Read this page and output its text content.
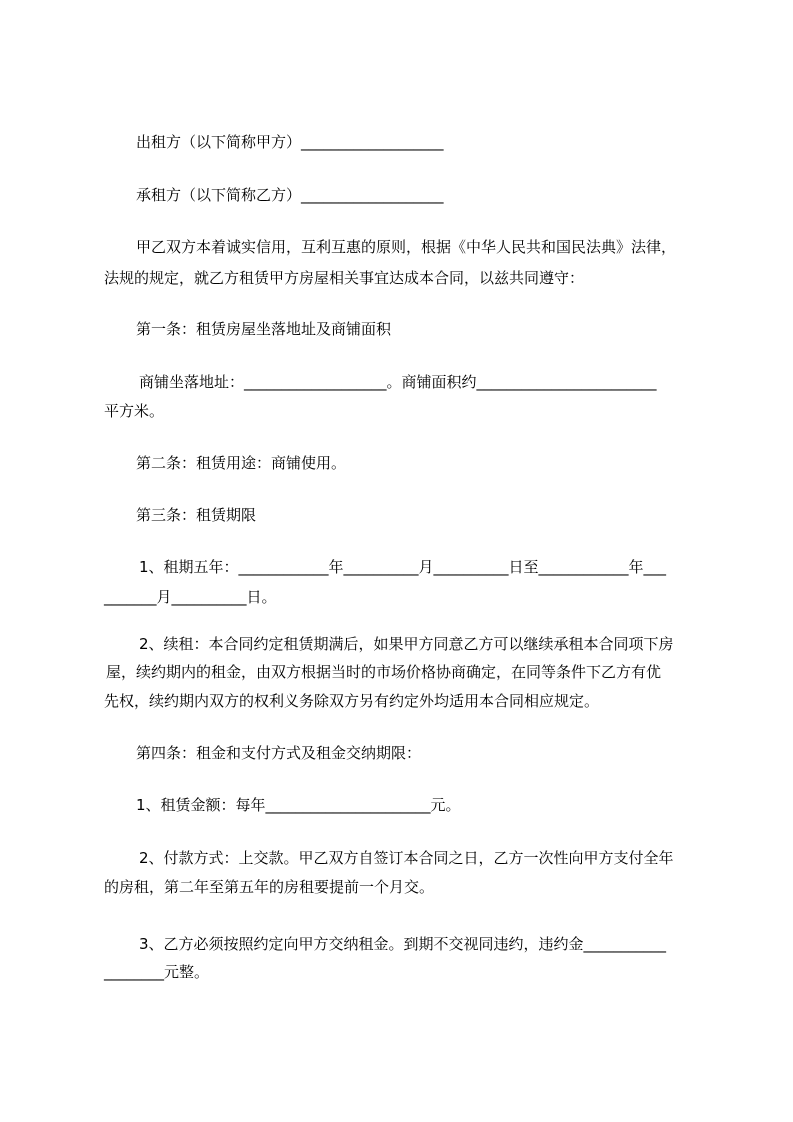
出租方（以下简称甲方）___________________
承租方（以下简称乙方）___________________
甲乙双方本着诚实信用，互利互惠的原则，根据《中华人民共和国民法典》法律，
法规的规定，就乙方租赁甲方房屋相关事宜达成本合同，以兹共同遵守：
第一条：租赁房屋坐落地址及商铺面积
商铺坐落地址：___________________。商铺面积约________________________
平方米。
第二条：租赁用途：商铺使用。
第三条：租赁期限
1、租期五年：____________年__________月__________日至____________年___
_______月__________日。
2、续租：本合同约定租赁期满后，如果甲方同意乙方可以继续承租本合同项下房
屋，续约期内的租金，由双方根据当时的市场价格协商确定，在同等条件下乙方有优
先权，续约期内双方的权利义务除双方另有约定外均适用本合同相应规定。
第四条：租金和支付方式及租金交纳期限：
1、租赁金额：每年______________________元。
2、付款方式：上交款。甲乙双方自签订本合同之日，乙方一次性向甲方支付全年
的房租，第二年至第五年的房租要提前一个月交。
3、乙方必须按照约定向甲方交纳租金。到期不交视同违约，违约金___________
________元整。
